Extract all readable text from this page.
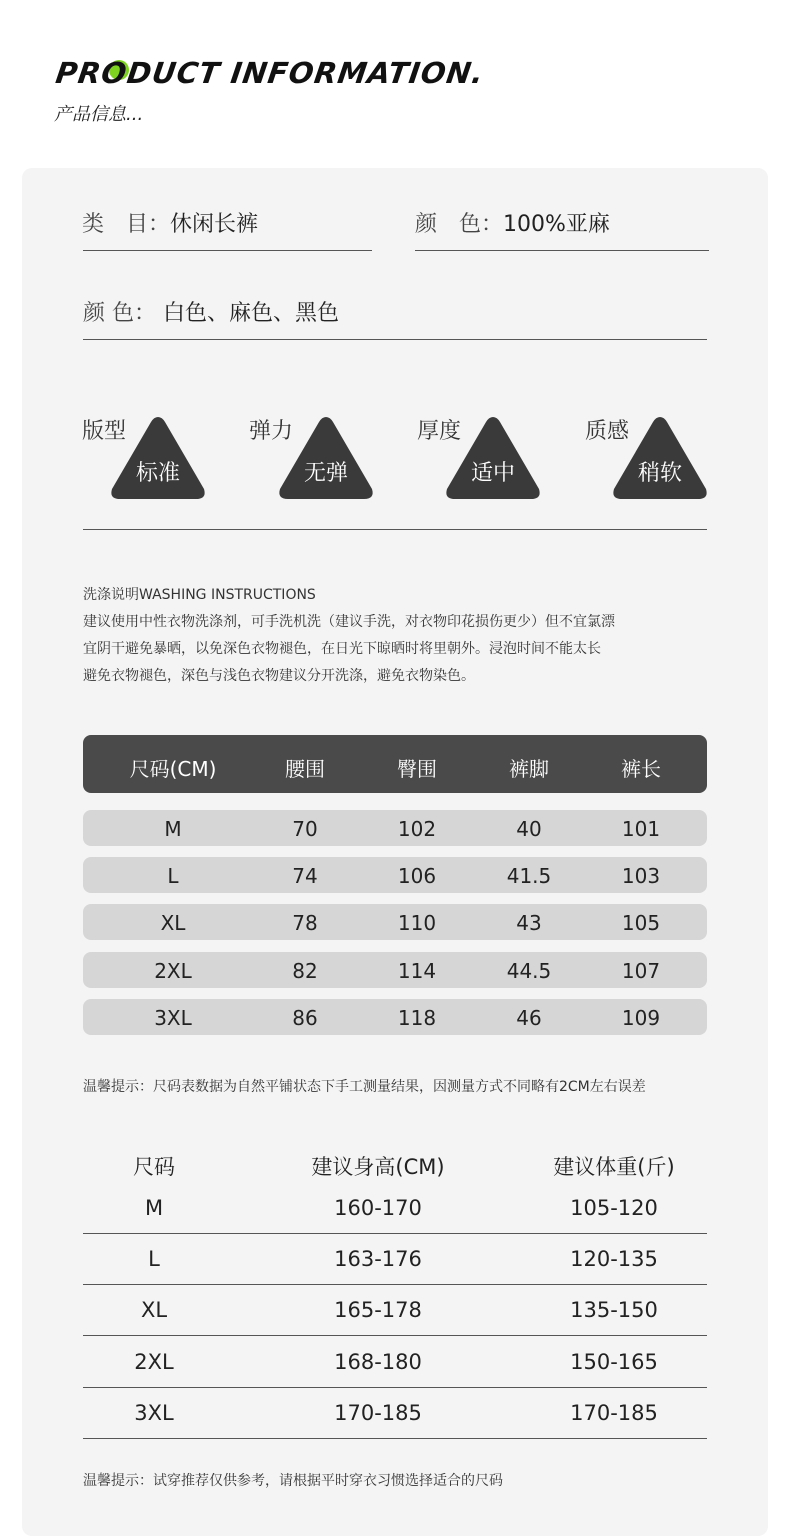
PRODUCT INFORMATION.
产品信息...
类　目：休闲长裤	颜　色：100%亚麻
颜 色： 白色、麻色、黑色
版型
标准
弹力
无弹
厚度
适中
质感
稍软
洗涤说明WASHING INSTRUCTIONS
建议使用中性衣物洗涤剂，可手洗机洗（建议手洗，对衣物印花损伤更少）但不宜氯漂
宜阴干避免暴晒，以免深色衣物褪色，在日光下晾晒时将里朝外。浸泡时间不能太长
避免衣物褪色，深色与浅色衣物建议分开洗涤，避免衣物染色。
尺码(CM)	腰围	臀围	裤脚	裤长
M	70	102	40	101
L	74	106	41.5	103
XL	78	110	43	105
2XL	82	114	44.5	107
3XL	86	118	46	109
温馨提示：尺码表数据为自然平铺状态下手工测量结果，因测量方式不同略有2CM左右误差
尺码	建议身高(CM)	建议体重(斤)
M	160-170	105-120
L	163-176	120-135
XL	165-178	135-150
2XL	168-180	150-165
3XL	170-185	170-185
温馨提示：试穿推荐仅供参考，请根据平时穿衣习惯选择适合的尺码
